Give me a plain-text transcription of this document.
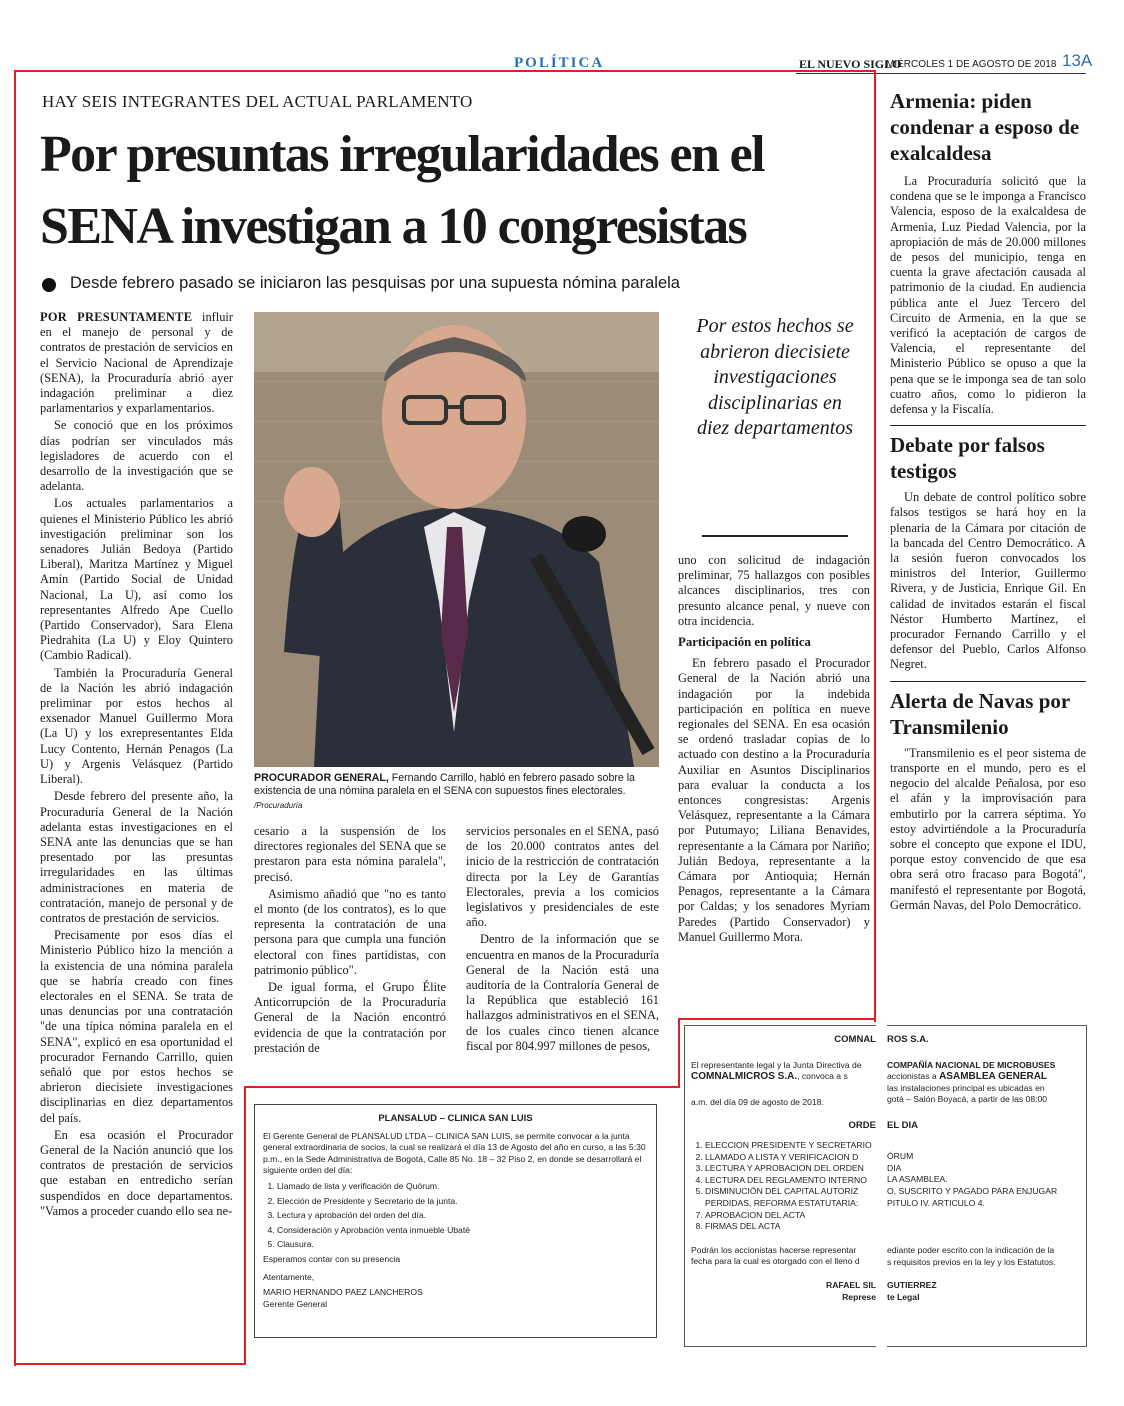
POLÍTICA	EL NUEVO SIGLO
MIÉRCOLES 1 DE AGOSTO DE 2018 13A
HAY SEIS INTEGRANTES DEL ACTUAL PARLAMENTO
Por presuntas irregularidades en el
SENA investigan a 10 congresistas
Desde febrero pasado se iniciaron las pesquisas por una supuesta nómina paralela

POR PRESUNTAMENTE influir en el manejo de personal y de contratos de prestación de servicios en el Servicio Nacional de Aprendizaje (SENA), la Procuraduría abrió ayer indagación preliminar a diez parlamentarios y exparlamentarios.

Se conoció que en los próximos días podrían ser vinculados más legisladores de acuerdo con el desarrollo de la investigación que se adelanta.

Los actuales parlamentarios a quienes el Ministerio Público les abrió investigación preliminar son los senadores Julián Bedoya (Partido Liberal), Maritza Martínez y Miguel Amín (Partido Social de Unidad Nacional, La U), así como los representantes Alfredo Ape Cuello (Partido Conservador), Sara Elena Piedrahita (La U) y Eloy Quintero (Cambio Radical).

También la Procuraduría General de la Nación les abrió indagación preliminar por estos hechos al exsenador Manuel Guillermo Mora (La U) y los exrepresentantes Elda Lucy Contento, Hernán Penagos (La U) y Argenis Velásquez (Partido Liberal).

Desde febrero del presente año, la Procuraduría General de la Nación adelanta estas investigaciones en el SENA ante las denuncias que se han presentado por las presuntas irregularidades en las últimas administraciones en materia de contratación, manejo de personal y de contratos de prestación de servicios.

Precisamente por esos días el Ministerio Público hizo la mención a la existencia de una nómina paralela que se habría creado con fines electorales en el SENA. Se trata de unas denuncias por una contratación "de una típica nómina paralela en el SENA", explicó en esa oportunidad el procurador Fernando Carrillo, quien señaló que por estos hechos se abrieron diecisiete investigaciones disciplinarias en diez departamentos del país.

En esa ocasión el Procurador General de la Nación anunció que los contratos de prestación de servicios que estaban en entredicho serían suspendidos en doce departamentos. "Vamos a proceder cuando ello sea ne-

PROCURADOR GENERAL, Fernando Carrillo, habló en febrero pasado sobre la existencia de una nómina paralela en el SENA con supuestos fines electorales. /Procuraduría

cesario a la suspensión de los directores regionales del SENA que se prestaron para esta nómina paralela", precisó.

Asimismo añadió que "no es tanto el monto (de los contratos), es lo que representa la contratación de una persona para que cumpla una función electoral con fines partidistas, con patrimonio público".

De igual forma, el Grupo Élite Anticorrupción de la Procuraduría General de la Nación encontró evidencia de que la contratación por prestación de

servicios personales en el SENA, pasó de los 20.000 contratos antes del inicio de la restricción de contratación directa por la Ley de Garantías Electorales, previa a los comicios legislativos y presidenciales de este año.

Dentro de la información que se encuentra en manos de la Procuraduría General de la Nación está una auditoría de la Contraloría General de la República que estableció 161 hallazgos administrativos en el SENA, de los cuales cinco tienen alcance fiscal por 804.997 millones de pesos,

Por estos hechos se abrieron diecisiete investigaciones disciplinarias en diez departamentos

uno con solicitud de indagación preliminar, 75 hallazgos con posibles alcances disciplinarios, tres con presunto alcance penal, y nueve con otra incidencia.

Participación en política

En febrero pasado el Procurador General de la Nación abrió una indagación por la indebida participación en política en nueve regionales del SENA. En esa ocasión se ordenó trasladar copias de lo actuado con destino a la Procuraduría Auxiliar en Asuntos Disciplinarios para evaluar la conducta a los entonces congresistas: Argenis Velásquez, representante a la Cámara por Putumayo; Liliana Benavides, representante a la Cámara por Nariño; Julián Bedoya, representante a la Cámara por Antioquia; Hernán Penagos, representante a la Cámara por Caldas; y los senadores Myriam Paredes (Partido Conservador) y Manuel Guillermo Mora.

Armenia: piden condenar a esposo de exalcaldesa

La Procuraduría solicitó que la condena que se le imponga a Francisco Valencia, esposo de la exalcaldesa de Armenia, Luz Piedad Valencia, por la apropiación de más de 20.000 millones de pesos del municipio, tenga en cuenta la grave afectación causada al patrimonio de la ciudad. En audiencia pública ante el Juez Tercero del Circuito de Armenia, en la que se verificó la aceptación de cargos de Valencia, el representante del Ministerio Público se opuso a que la pena que se le imponga sea de tan solo cuatro años, como lo pidieron la defensa y la Fiscalía.

Debate por falsos testigos

Un debate de control político sobre falsos testigos se hará hoy en la plenaria de la Cámara por citación de la bancada del Centro Democrático. A la sesión fueron convocados los ministros del Interior, Guillermo Rivera, y de Justicia, Enrique Gil. En calidad de invitados estarán el fiscal Néstor Humberto Martínez, el procurador Fernando Carrillo y el defensor del Pueblo, Carlos Alfonso Negret.

Alerta de Navas por Transmilenio

"Transmilenio es el peor sistema de transporte en el mundo, pero es el negocio del alcalde Peñalosa, por eso el afán y la improvisación para embutirlo por la carrera séptima. Yo estoy advirtiéndole a la Procuraduría sobre el concepto que expone el IDU, porque estoy convencido de que esa obra será otro fracaso para Bogotá", manifestó el representante por Bogotá, Germán Navas, del Polo Democrático.

PLANSALUD – CLINICA SAN LUIS
El Gerente General de PLANSALUD LTDA – CLINICA SAN LUIS, se permite convocar a la junta general extraordinaria de socios, la cual se realizará el día 13 de Agosto del año en curso, a las 5:30 p.m., en la Sede Administrativa de Bogotá, Calle 85 No. 18 – 32 Piso 2, en donde se desarrollará el siguiente orden del día:
1. Llamado de lista y verificación de Quórum.
2. Elección de Presidente y Secretario de la junta.
3. Lectura y aprobación del orden del día.
4. Consideración y Aprobación venta inmueble Ubaté
5. Clausura.
Esperamos contar con su presencia
Atentamente,
MARIO HERNANDO PAEZ LANCHEROS
Gerente General
COMNAL
El representante legal y la Junta Directiva de
COMNALMICROS S.A., convoca a s
a.m. del día 09 de agosto de 2018.
ORDE
1. ELECCION PRESIDENTE Y SECRETARIO
2. LLAMADO A LISTA Y VERIFICACION D
3. LECTURA Y APROBACION DEL ORDEN
4. LECTURA DEL REGLAMENTO INTERNO
5. DISMINUCIÓN DEL CAPITAL AUTORIZ
PERDIDAS, REFORMA ESTATUTARIA:
7. APROBACION DEL ACTA
8. FIRMAS DEL ACTA
Podrán los accionistas hacerse representar
fecha para la cual es otorgado con el lleno d
RAFAEL SIL
Represe
ROS S.A.
COMPAÑÍA NACIONAL DE MICROBUSES
accionistas a ASAMBLEA GENERAL
las instalaciones principal es ubicadas en
gotá – Salón Boyacá, a partir de las 08:00
EL DIA
ÓRUM
DIA
LA ASAMBLEA.
O, SUSCRITO Y PAGADO PARA ENJUGAR
PITULO IV. ARTICULO 4.
ediante poder escrito con la indicación de la
s requisitos previos en la ley y los Estatutos.
GUTIERREZ
te Legal
